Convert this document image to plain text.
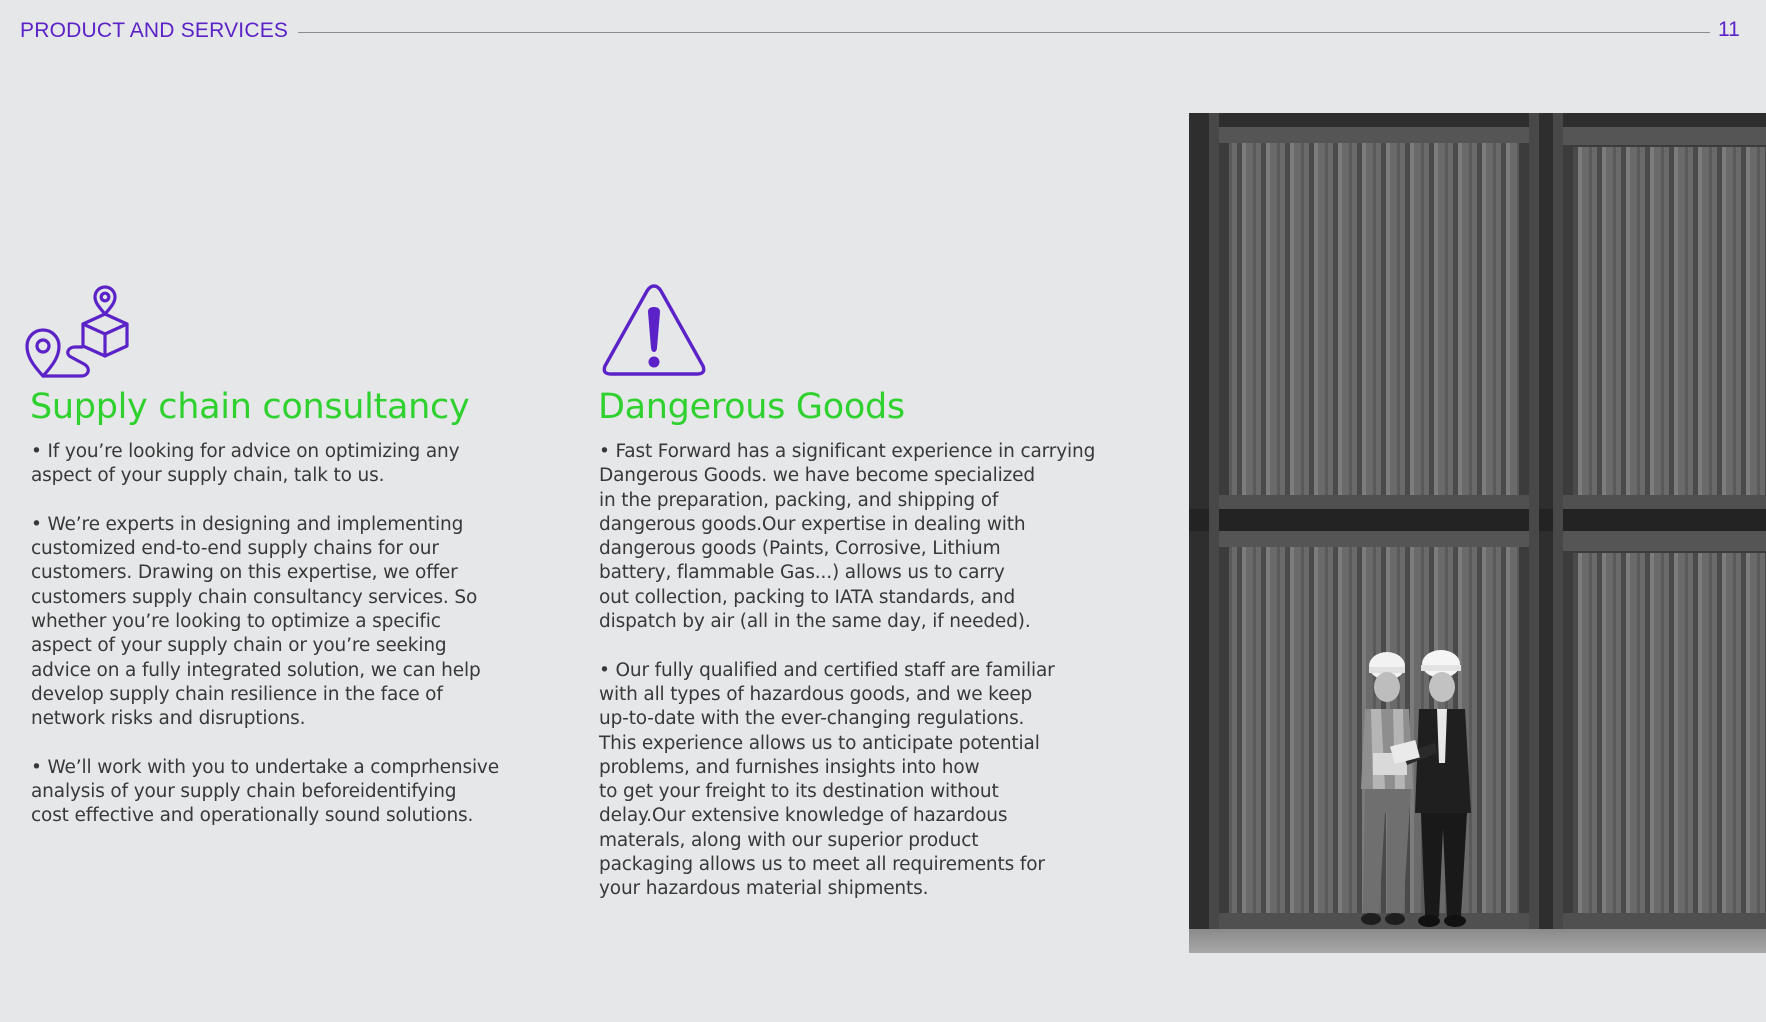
PRODUCT AND SERVICES	11
Supply chain consultancy

• If you’re looking for advice on optimizing any
aspect of your supply chain, talk to us.

• We’re experts in designing and implementing
customized end-to-end supply chains for our
customers. Drawing on this expertise, we offer
customers supply chain consultancy services. So
whether you’re looking to optimize a specific
aspect of your supply chain or you’re seeking
advice on a fully integrated solution, we can help
develop supply chain resilience in the face of
network risks and disruptions.

• We’ll work with you to undertake a comprhensive
analysis of your supply chain beforeidentifying
cost effective and operationally sound solutions.

Dangerous Goods

• Fast Forward has a significant experience in carrying
Dangerous Goods. we have become specialized
in the preparation, packing, and shipping of
dangerous goods.Our expertise in dealing with
dangerous goods (Paints, Corrosive, Lithium
battery, flammable Gas...) allows us to carry
out collection, packing to IATA standards, and
dispatch by air (all in the same day, if needed).

• Our fully qualified and certified staff are familiar
with all types of hazardous goods, and we keep
up-to-date with the ever-changing regulations.
This experience allows us to anticipate potential
problems, and furnishes insights into how
to get your freight to its destination without
delay.Our extensive knowledge of hazardous
materals, along with our superior product
packaging allows us to meet all requirements for
your hazardous material shipments.
